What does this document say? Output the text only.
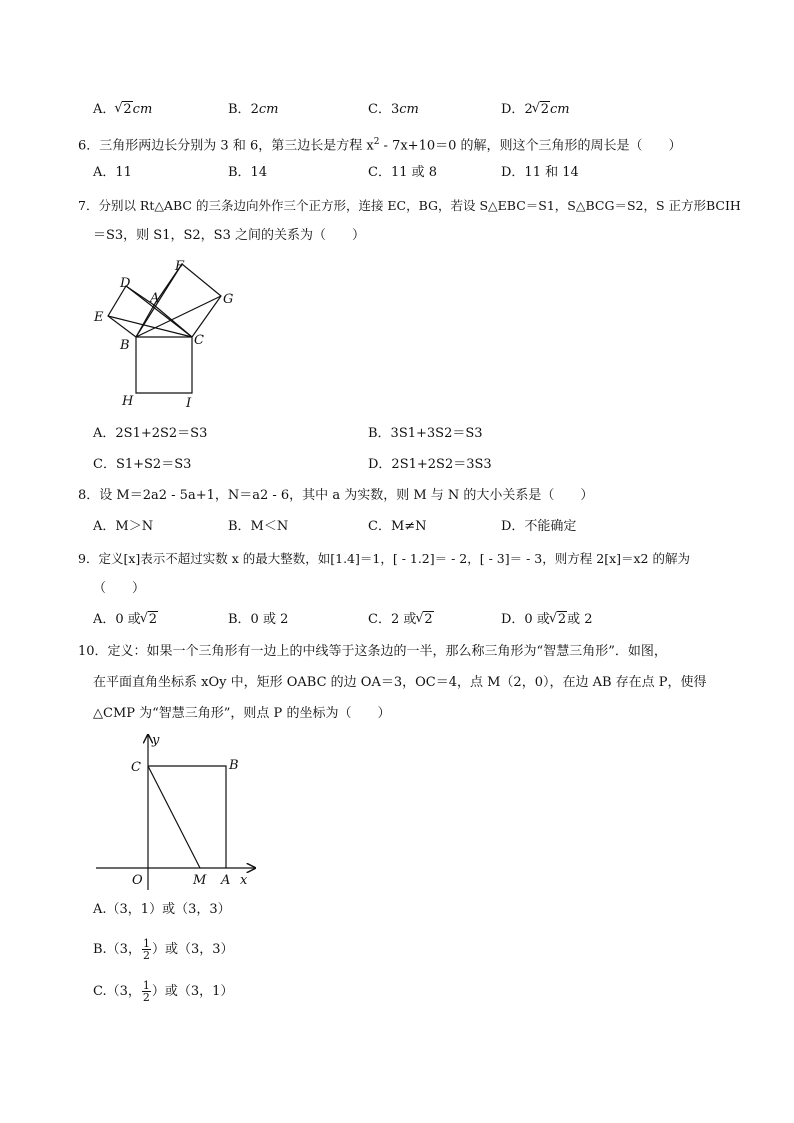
A． √ 2cm	B．2cm	C．3cm	D．2 √ 2cm
6．三角形两边长分别为 3 和 6，第三边长是方程 $x^2 - 7x+10=0$ 的解，则这个三角形的周长是（　　）
A．11	B．14	C．11 或 8	D．11 和 14
7．分别以 Rt△ABC 的三条边向外作三个正方形，连接 EC，BG，若设 S△EBC＝S1，S△BCG＝S2，S 正方形BCIH
＝S3，则 S1，S2，S3 之间的关系为（　　）
D
F
A	G
E
B	C
H	I
A．2S1+2S2＝S3	B．3S1+3S2＝S3
C．S1+S2＝S3	D．2S1+2S2＝3S3
8．设 M＝2a2 - 5a+1，N＝a2 - 6，其中 a 为实数，则 M 与 N 的大小关系是（　　）
A．M＞N	B．M＜N	C．M≠N	D．不能确定
9．定义[x]表示不超过实数 x 的最大整数，如[1.4]＝1，[ - 1.2]＝ - 2，[ - 3]＝ - 3，则方程 2[x]＝x2 的解为
（　　）
A．0 或 √ 2	B．0 或 2	C．2 或 √ 2	D．0 或 √ 2或 2
10．定义：如果一个三角形有一边上的中线等于这条边的一半，那么称三角形为“智慧三角形”．如图，
在平面直角坐标系 xOy 中，矩形 OABC 的边 OA＝3，OC＝4，点 M（2，0），在边 AB 存在点 P，使得
△CMP 为“智慧三角形”，则点 P 的坐标为（　　）
y
x
C	B
O	M A
A.（3，1）或（3，3）
B.（3， $\frac{1}{2}$ ）或（3，3）
C.（3， $\frac{1}{2}$ ）或（3，1）
